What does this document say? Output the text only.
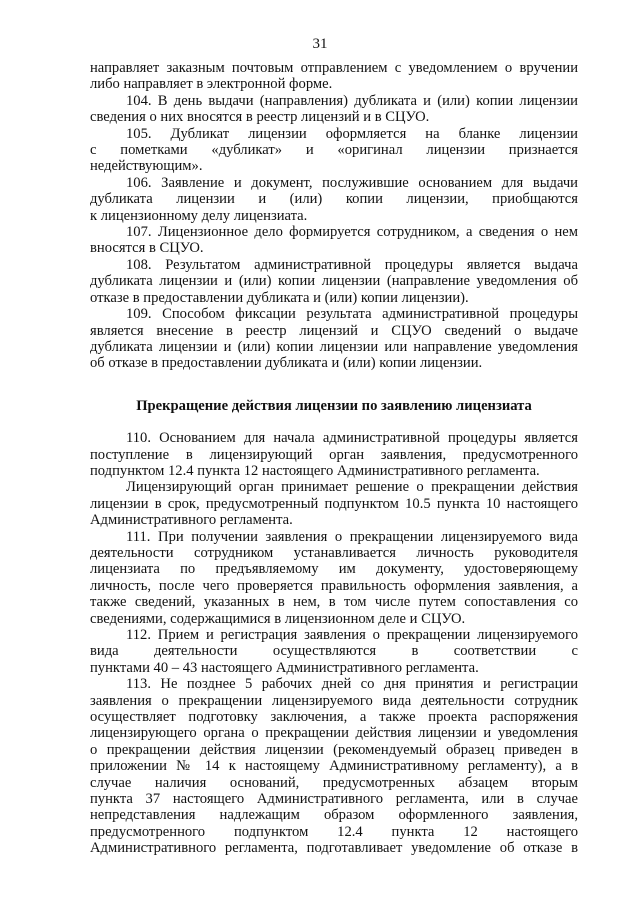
31
направляет заказным почтовым отправлением с уведомлением о вручении
либо направляет в электронной форме.
104. В день выдачи (направления) дубликата и (или) копии лицензии
сведения о них вносятся в реестр лицензий и в СЦУО.
105. Дубликат лицензии оформляется на бланке лицензии
с пометками «дубликат» и «оригинал лицензии признается
недействующим».
106. Заявление и документ, послужившие основанием для выдачи
дубликата лицензии и (или) копии лицензии, приобщаются
к лицензионному делу лицензиата.
107. Лицензионное дело формируется сотрудником, а сведения о нем
вносятся в СЦУО.
108. Результатом административной процедуры является выдача
дубликата лицензии и (или) копии лицензии (направление уведомления об
отказе в предоставлении дубликата и (или) копии лицензии).
109. Способом фиксации результата административной процедуры
является внесение в реестр лицензий и СЦУО сведений о выдаче
дубликата лицензии и (или) копии лицензии или направление уведомления
об отказе в предоставлении дубликата и (или) копии лицензии.
Прекращение действия лицензии по заявлению лицензиата
110. Основанием для начала административной процедуры является
поступление в лицензирующий орган заявления, предусмотренного
подпунктом 12.4 пункта 12 настоящего Административного регламента.
Лицензирующий орган принимает решение о прекращении действия
лицензии в срок, предусмотренный подпунктом 10.5 пункта 10 настоящего
Административного регламента.
111. При получении заявления о прекращении лицензируемого вида
деятельности сотрудником устанавливается личность руководителя
лицензиата по предъявляемому им документу, удостоверяющему
личность, после чего проверяется правильность оформления заявления, а
также сведений, указанных в нем, в том числе путем сопоставления со
сведениями, содержащимися в лицензионном деле и СЦУО.
112. Прием и регистрация заявления о прекращении лицензируемого
вида деятельности осуществляются в соответствии с
пунктами 40 – 43 настоящего Административного регламента.
113. Не позднее 5 рабочих дней со дня принятия и регистрации
заявления о прекращении лицензируемого вида деятельности сотрудник
осуществляет подготовку заключения, а также проекта распоряжения
лицензирующего органа о прекращении действия лицензии и уведомления
о прекращении действия лицензии (рекомендуемый образец приведен в
приложении № 14 к настоящему Административному регламенту), а в
случае наличия оснований, предусмотренных абзацем вторым
пункта 37 настоящего Административного регламента, или в случае
непредставления надлежащим образом оформленного заявления,
предусмотренного подпунктом 12.4 пункта 12 настоящего
Административного регламента, подготавливает уведомление об отказе в
